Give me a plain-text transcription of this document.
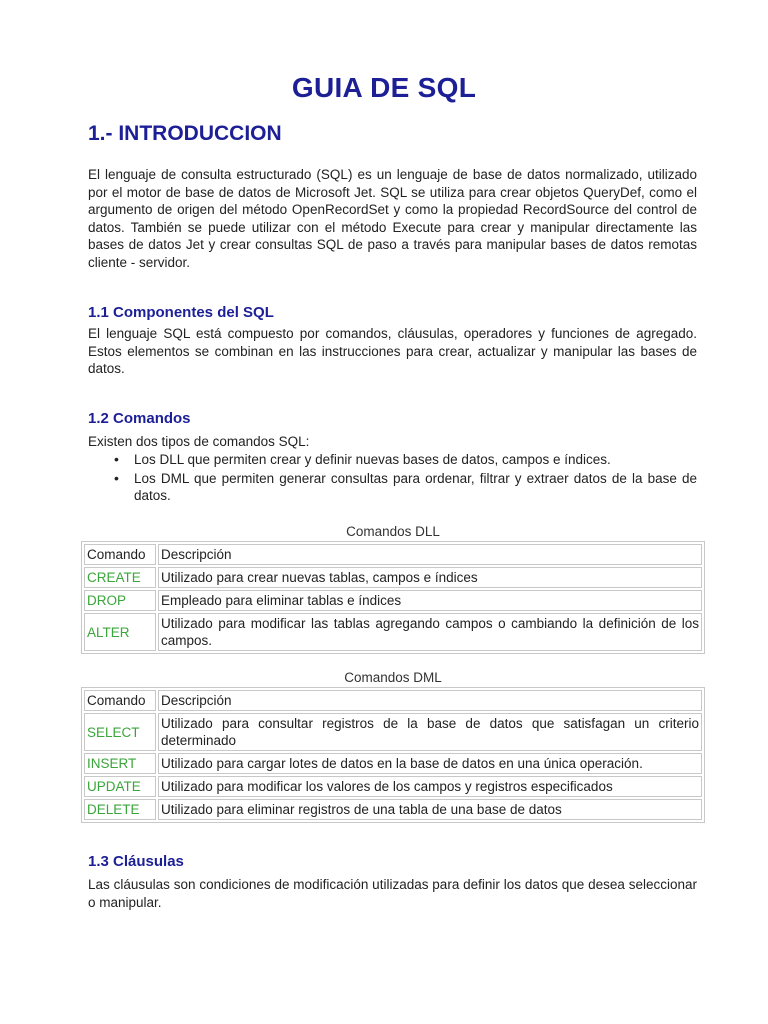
GUIA DE SQL
1.- INTRODUCCION

El lenguaje de consulta estructurado (SQL) es un lenguaje de base de datos normalizado, utilizado por el motor de base de datos de Microsoft Jet. SQL se utiliza para crear objetos QueryDef, como el argumento de origen del método OpenRecordSet y como la propiedad RecordSource del control de datos. También se puede utilizar con el método Execute para crear y manipular directamente las bases de datos Jet y crear consultas SQL de paso a través para manipular bases de datos remotas cliente - servidor.

1.1 Componentes del SQL

El lenguaje SQL está compuesto por comandos, cláusulas, operadores y funciones de agregado. Estos elementos se combinan en las instrucciones para crear, actualizar y manipular las bases de datos.

1.2 Comandos

Existen dos tipos de comandos SQL:

• Los DLL que permiten crear y definir nuevas bases de datos, campos e índices.
• Los DML que permiten generar consultas para ordenar, filtrar y extraer datos de la base de datos.

Comandos DLL

Comando	Descripción
CREATE	Utilizado para crear nuevas tablas, campos e índices
DROP	Empleado para eliminar tablas e índices
ALTER	Utilizado para modificar las tablas agregando campos o cambiando la definición de los campos.

Comandos DML

Comando	Descripción
SELECT	Utilizado para consultar registros de la base de datos que satisfagan un criterio determinado
INSERT	Utilizado para cargar lotes de datos en la base de datos en una única operación.
UPDATE	Utilizado para modificar los valores de los campos y registros especificados
DELETE	Utilizado para eliminar registros de una tabla de una base de datos
1.3 Cláusulas

Las cláusulas son condiciones de modificación utilizadas para definir los datos que desea seleccionar o manipular.
